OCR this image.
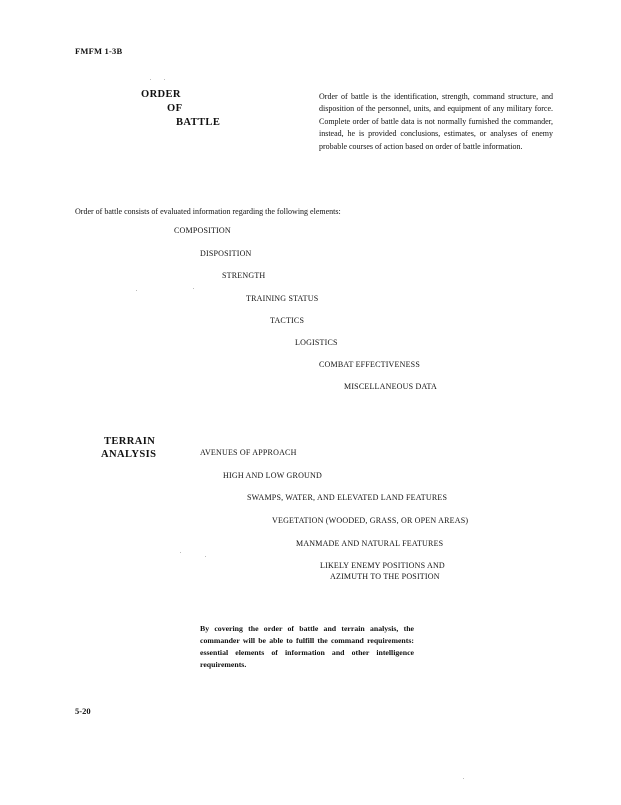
FMFM 1-3B
ORDER
OF
BATTLE

Order of battle is the identification, strength, command structure, and disposition of the personnel, units, and equipment of any military force. Complete order of battle data is not normally furnished the commander, instead, he is provided conclusions, estimates, or analyses of enemy probable courses of action based on order of battle information.

Order of battle consists of evaluated information regarding the following elements:
COMPOSITION
DISPOSITION
STRENGTH
TRAINING STATUS
TACTICS
LOGISTICS
COMBAT EFFECTIVENESS
MISCELLANEOUS DATA
TERRAIN
ANALYSIS	AVENUES OF APPROACH
HIGH AND LOW GROUND
SWAMPS, WATER, AND ELEVATED LAND FEATURES
VEGETATION (WOODED, GRASS, OR OPEN AREAS)
MANMADE AND NATURAL FEATURES
LIKELY ENEMY POSITIONS AND
AZIMUTH TO THE POSITION

By covering the order of battle and terrain analysis, the commander will be able to fulfill the command requirements: essential elements of information and other intelligence requirements.

5-20
